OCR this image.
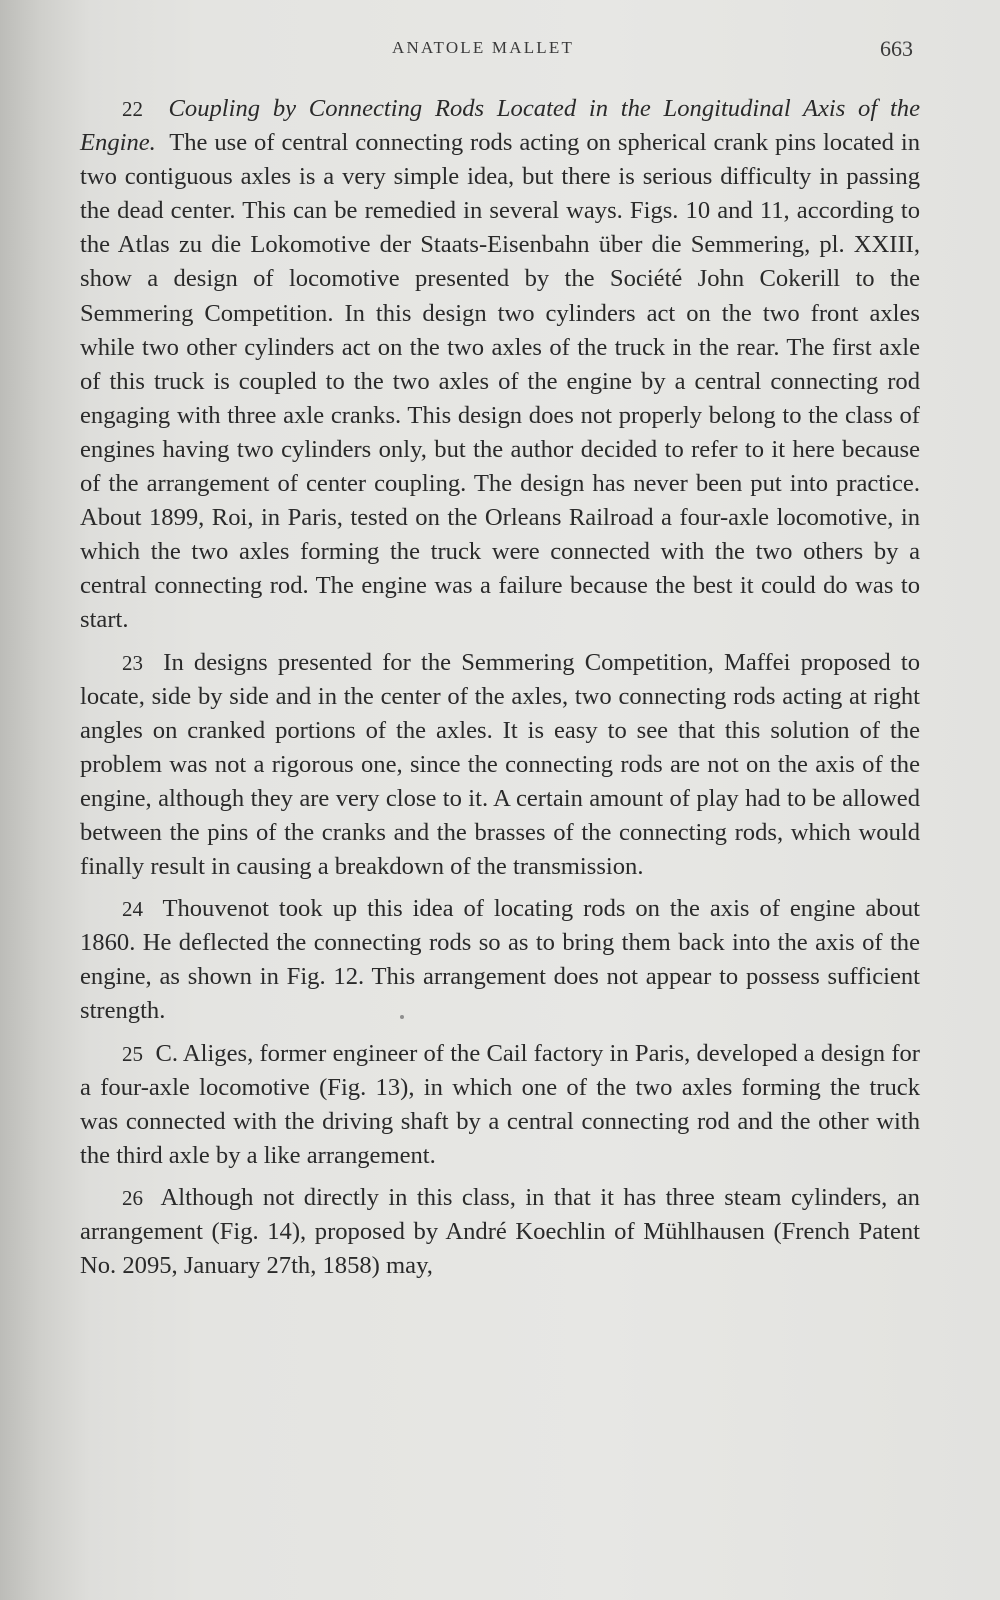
ANATOLE MALLET	663

22 Coupling by Connecting Rods Located in the Longitudinal Axis of the Engine. The use of central connecting rods acting on spherical crank pins located in two contiguous axles is a very simple idea, but there is serious difficulty in passing the dead center. This can be remedied in several ways. Figs. 10 and 11, according to the Atlas zu die Lokomotive der Staats-Eisenbahn über die Semmering, pl. XXIII, show a design of locomotive presented by the Société John Cokerill to the Semmering Competition. In this design two cylinders act on the two front axles while two other cylinders act on the two axles of the truck in the rear. The first axle of this truck is coupled to the two axles of the engine by a central connecting rod engaging with three axle cranks. This design does not properly belong to the class of engines having two cylinders only, but the author decided to refer to it here because of the arrangement of center coupling. The design has never been put into practice. About 1899, Roi, in Paris, tested on the Orleans Railroad a four-axle locomotive, in which the two axles forming the truck were connected with the two others by a central connecting rod. The engine was a failure because the best it could do was to start.

23 In designs presented for the Semmering Competition, Maffei proposed to locate, side by side and in the center of the axles, two connecting rods acting at right angles on cranked portions of the axles. It is easy to see that this solution of the problem was not a rigorous one, since the connecting rods are not on the axis of the engine, although they are very close to it. A certain amount of play had to be allowed between the pins of the cranks and the brasses of the connecting rods, which would finally result in causing a breakdown of the transmission.

24 Thouvenot took up this idea of locating rods on the axis of engine about 1860. He deflected the connecting rods so as to bring them back into the axis of the engine, as shown in Fig. 12. This arrangement does not appear to possess sufficient strength.

25 C. Aliges, former engineer of the Cail factory in Paris, developed a design for a four-axle locomotive (Fig. 13), in which one of the two axles forming the truck was connected with the driving shaft by a central connecting rod and the other with the third axle by a like arrangement.

26 Although not directly in this class, in that it has three steam cylinders, an arrangement (Fig. 14), proposed by André Koechlin of Mühlhausen (French Patent No. 2095, January 27th, 1858) may,
